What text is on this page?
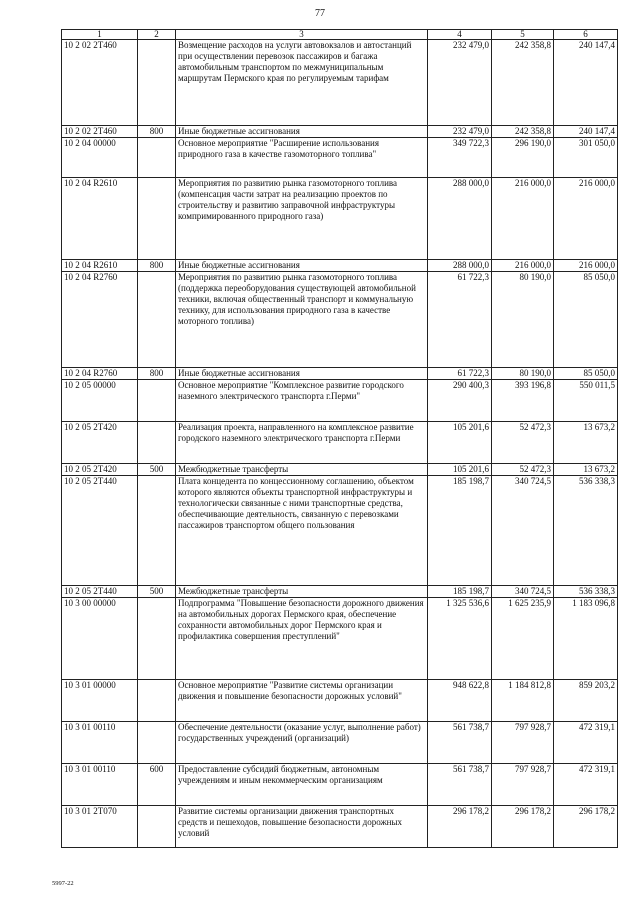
77
1	2	3	4	5	6
10 2 02 2Т460		Возмещение расходов на услуги автовокзалов и автостанций при осуществлении перевозок пассажиров и багажа автомобильным транспортом по межмуниципальным маршрутам Пермского края по регулируемым тарифам	232 479,0	242 358,8	240 147,4
10 2 02 2Т460	800	Иные бюджетные ассигнования	232 479,0	242 358,8	240 147,4
10 2 04 00000		Основное мероприятие "Расширение использования природного газа в качестве газомоторного топлива"	349 722,3	296 190,0	301 050,0
10 2 04 R2610		Мероприятия по развитию рынка газомоторного топлива (компенсация части затрат на реализацию проектов по строительству и развитию заправочной инфраструктуры компримированного природного газа)	288 000,0	216 000,0	216 000,0
10 2 04 R2610	800	Иные бюджетные ассигнования	288 000,0	216 000,0	216 000,0
10 2 04 R2760		Мероприятия по развитию рынка газомоторного топлива (поддержка переоборудования существующей автомобильной техники, включая общественный транспорт и коммунальную технику, для использования природного газа в качестве моторного топлива)	61 722,3	80 190,0	85 050,0
10 2 04 R2760	800	Иные бюджетные ассигнования	61 722,3	80 190,0	85 050,0
10 2 05 00000		Основное мероприятие "Комплексное развитие городского наземного электрического транспорта г.Перми"	290 400,3	393 196,8	550 011,5
10 2 05 2Т420		Реализация проекта, направленного на комплексное развитие городского наземного электрического транспорта г.Перми	105 201,6	52 472,3	13 673,2
10 2 05 2Т420	500	Межбюджетные трансферты	105 201,6	52 472,3	13 673,2
10 2 05 2Т440		Плата концедента по концессионному соглашению, объектом которого являются объекты транспортной инфраструктуры и технологически связанные с ними транспортные средства, обеспечивающие деятельность, связанную с перевозками пассажиров транспортом общего пользования	185 198,7	340 724,5	536 338,3
10 2 05 2Т440	500	Межбюджетные трансферты	185 198,7	340 724,5	536 338,3
10 3 00 00000		Подпрограмма "Повышение безопасности дорожного движения на автомобильных дорогах Пермского края, обеспечение сохранности автомобильных дорог Пермского края и профилактика совершения преступлений"	1 325 536,6	1 625 235,9	1 183 096,8
10 3 01 00000		Основное мероприятие "Развитие системы организации движения и повышение безопасности дорожных условий"	948 622,8	1 184 812,8	859 203,2
10 3 01 00110		Обеспечение деятельности (оказание услуг, выполнение работ) государственных учреждений (организаций)	561 738,7	797 928,7	472 319,1
10 3 01 00110	600	Предоставление субсидий бюджетным, автономным учреждениям и иным некоммерческим организациям	561 738,7	797 928,7	472 319,1
10 3 01 2Т070		Развитие системы организации движения транспортных средств и пешеходов, повышение безопасности дорожных условий	296 178,2	296 178,2	296 178,2
5997-22
